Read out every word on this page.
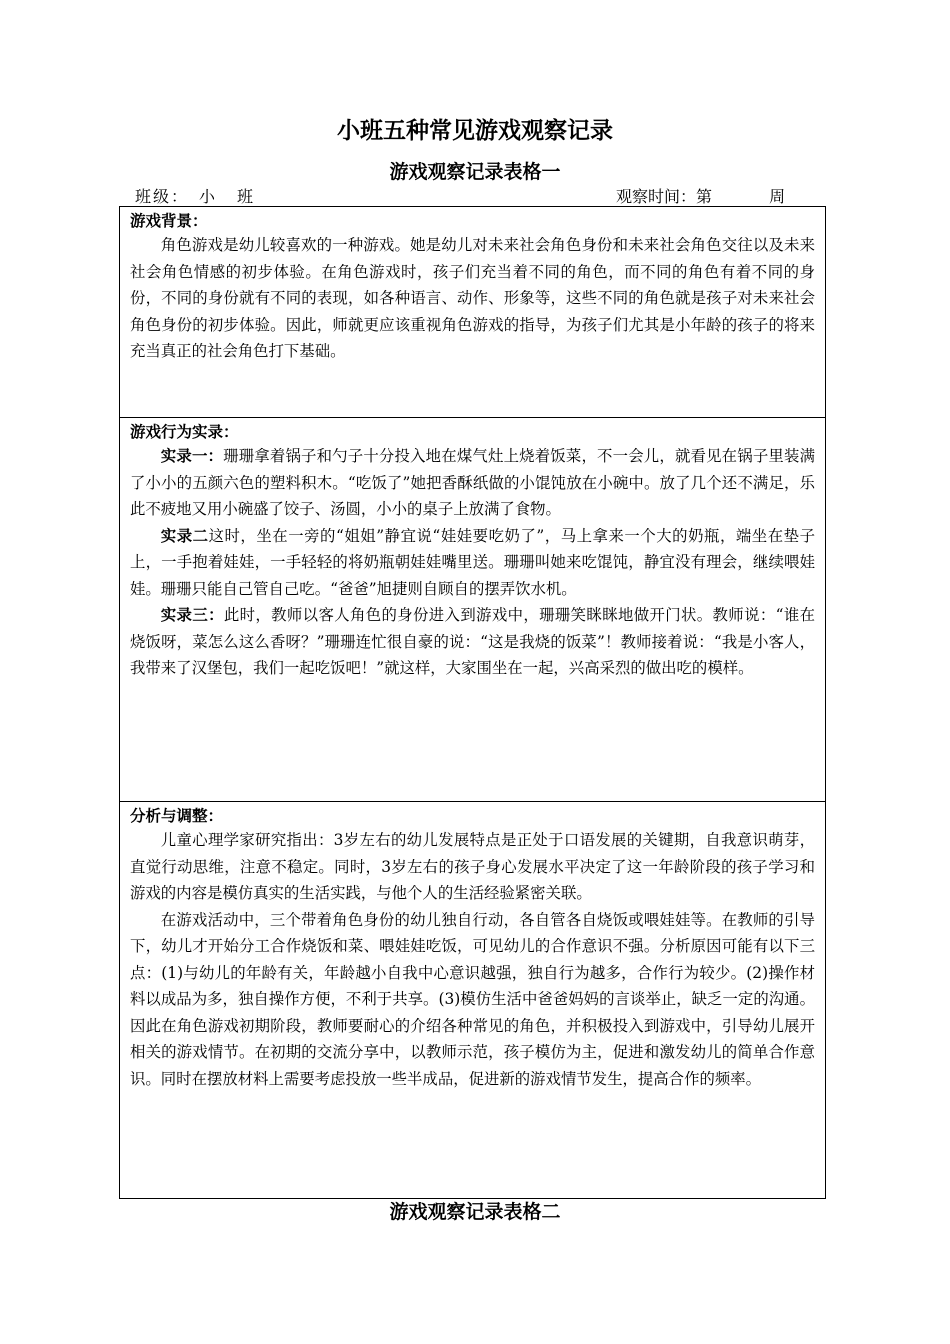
小班五种常见游戏观察记录
游戏观察记录表格一
班级： 小班	观察时间：第 周
游戏背景：

角色游戏是幼儿较喜欢的一种游戏。她是幼儿对未来社会角色身份和未来社会角色交往以及未来社会角色情感的初步体验。在角色游戏时，孩子们充当着不同的角色，而不同的角色有着不同的身份，不同的身份就有不同的表现，如各种语言、动作、形象等，这些不同的角色就是孩子对未来社会角色身份的初步体验。因此，师就更应该重视角色游戏的指导，为孩子们尤其是小年龄的孩子的将来充当真正的社会角色打下基础。

游戏行为实录：

实录一：珊珊拿着锅子和勺子十分投入地在煤气灶上烧着饭菜，不一会儿，就看见在锅子里装满了小小的五颜六色的塑料积木。“吃饭了”她把香酥纸做的小馄饨放在小碗中。放了几个还不满足，乐此不疲地又用小碗盛了饺子、汤圆，小小的桌子上放满了食物。

实录二这时，坐在一旁的“姐姐”静宜说“娃娃要吃奶了”，马上拿来一个大的奶瓶，端坐在垫子上，一手抱着娃娃，一手轻轻的将奶瓶朝娃娃嘴里送。珊珊叫她来吃馄饨，静宜没有理会，继续喂娃娃。珊珊只能自己管自己吃。“爸爸”旭捷则自顾自的摆弄饮水机。

实录三：此时，教师以客人角色的身份进入到游戏中，珊珊笑眯眯地做开门状。教师说：“谁在烧饭呀，菜怎么这么香呀？”珊珊连忙很自豪的说：“这是我烧的饭菜”！教师接着说：“我是小客人，我带来了汉堡包，我们一起吃饭吧！”就这样，大家围坐在一起，兴高采烈的做出吃的模样。

分析与调整：

儿童心理学家研究指出：3岁左右的幼儿发展特点是正处于口语发展的关键期，自我意识萌芽，直觉行动思维，注意不稳定。同时，3岁左右的孩子身心发展水平决定了这一年龄阶段的孩子学习和游戏的内容是模仿真实的生活实践，与他个人的生活经验紧密关联。

在游戏活动中，三个带着角色身份的幼儿独自行动，各自管各自烧饭或喂娃娃等。在教师的引导下，幼儿才开始分工合作烧饭和菜、喂娃娃吃饭，可见幼儿的合作意识不强。分析原因可能有以下三点：(1)与幼儿的年龄有关，年龄越小自我中心意识越强，独自行为越多，合作行为较少。(2)操作材料以成品为多，独自操作方便，不利于共享。(3)模仿生活中爸爸妈妈的言谈举止，缺乏一定的沟通。因此在角色游戏初期阶段，教师要耐心的介绍各种常见的角色，并积极投入到游戏中，引导幼儿展开相关的游戏情节。在初期的交流分享中，以教师示范，孩子模仿为主，促进和激发幼儿的简单合作意识。同时在摆放材料上需要考虑投放一些半成品，促进新的游戏情节发生，提高合作的频率。

游戏观察记录表格二
